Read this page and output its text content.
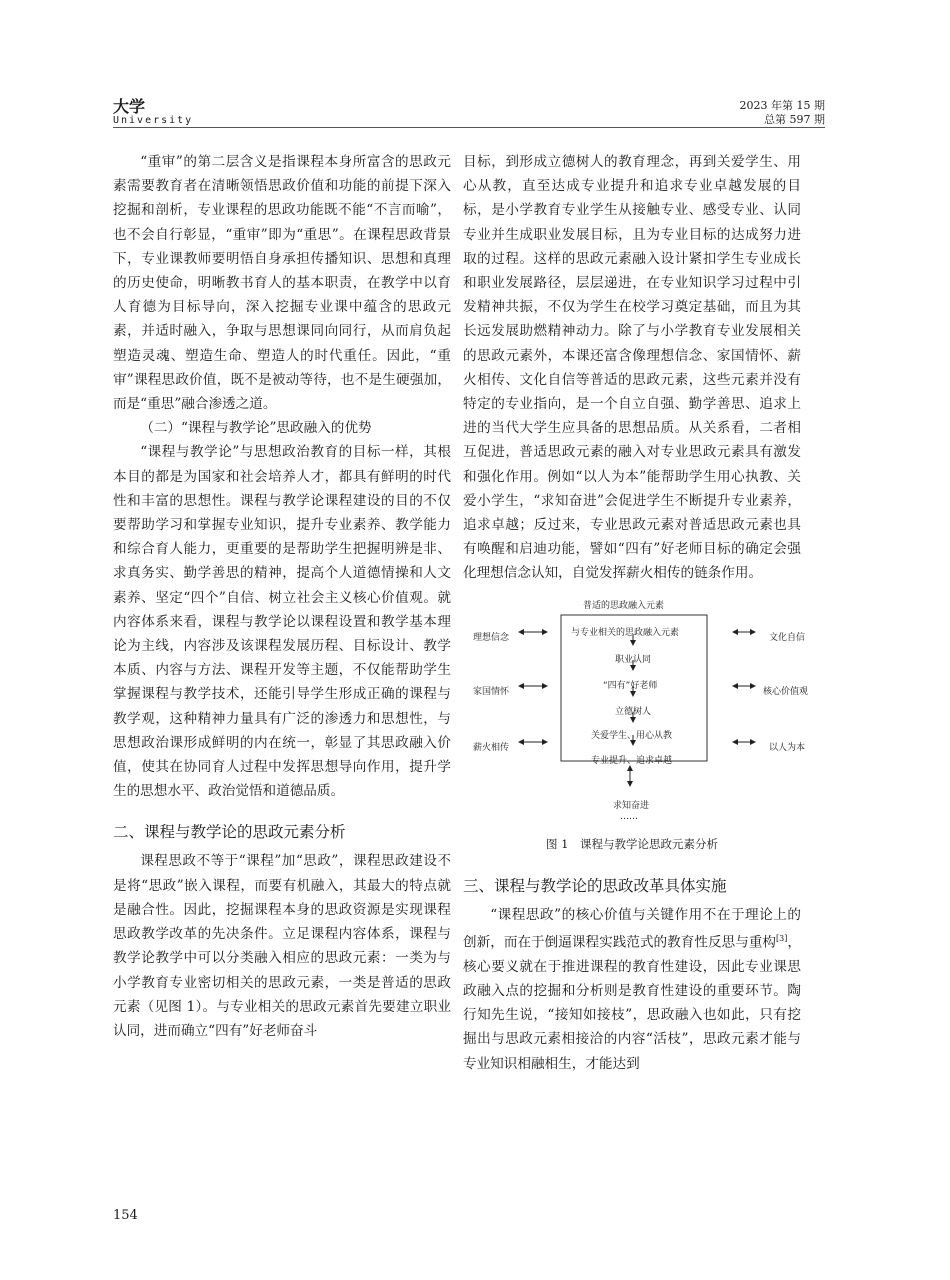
大学
University
2023 年第 15 期
总第 597 期

“重审”的第二层含义是指课程本身所富含的思政元素需要教育者在清晰领悟思政价值和功能的前提下深入挖掘和剖析，专业课程的思政功能既不能“不言而喻”，也不会自行彰显，“重审”即为“重思”。在课程思政背景下，专业课教师要明悟自身承担传播知识、思想和真理的历史使命，明晰教书育人的基本职责，在教学中以育人育德为目标导向，深入挖掘专业课中蕴含的思政元素，并适时融入，争取与思想课同向同行，从而肩负起塑造灵魂、塑造生命、塑造人的时代重任。因此，“重审”课程思政价值，既不是被动等待，也不是生硬强加，而是“重思”融合渗透之道。

（二）“课程与教学论”思政融入的优势

“课程与教学论”与思想政治教育的目标一样，其根本目的都是为国家和社会培养人才，都具有鲜明的时代性和丰富的思想性。课程与教学论课程建设的目的不仅要帮助学习和掌握专业知识，提升专业素养、教学能力和综合育人能力，更重要的是帮助学生把握明辨是非、求真务实、勤学善思的精神，提高个人道德情操和人文素养、坚定“四个”自信、树立社会主义核心价值观。就内容体系来看，课程与教学论以课程设置和教学基本理论为主线，内容涉及该课程发展历程、目标设计、教学本质、内容与方法、课程开发等主题，不仅能帮助学生掌握课程与教学技术，还能引导学生形成正确的课程与教学观，这种精神力量具有广泛的渗透力和思想性，与思想政治课形成鲜明的内在统一，彰显了其思政融入价值，使其在协同育人过程中发挥思想导向作用，提升学生的思想水平、政治觉悟和道德品质。

二、课程与教学论的思政元素分析

课程思政不等于“课程”加“思政”，课程思政建设不是将“思政”嵌入课程，而要有机融入，其最大的特点就是融合性。因此，挖掘课程本身的思政资源是实现课程思政教学改革的先决条件。立足课程内容体系，课程与教学论教学中可以分类融入相应的思政元素：一类为与小学教育专业密切相关的思政元素，一类是普适的思政元素（见图 1）。与专业相关的思政元素首先要建立职业认同，进而确立“四有”好老师奋斗

目标，到形成立德树人的教育理念，再到关爱学生、用心从教，直至达成专业提升和追求专业卓越发展的目标，是小学教育专业学生从接触专业、感受专业、认同专业并生成职业发展目标，且为专业目标的达成努力进取的过程。这样的思政元素融入设计紧扣学生专业成长和职业发展路径，层层递进，在专业知识学习过程中引发精神共振，不仅为学生在校学习奠定基础，而且为其长远发展助燃精神动力。除了与小学教育专业发展相关的思政元素外，本课还富含像理想信念、家国情怀、薪火相传、文化自信等普适的思政元素，这些元素并没有特定的专业指向，是一个自立自强、勤学善思、追求上进的当代大学生应具备的思想品质。从关系看，二者相互促进，普适思政元素的融入对专业思政元素具有激发和强化作用。例如“以人为本”能帮助学生用心执教、关爱小学生，“求知奋进”会促进学生不断提升专业素养，追求卓越；反过来，专业思政元素对普适思政元素也具有唤醒和启迪功能，譬如“四有”好老师目标的确定会强化理想信念认知，自觉发挥薪火相传的链条作用。

普适的思政融入元素
与专业相关的思政融入元素
职业认同
“四有”好老师
立德树人
关爱学生、用心从教
专业提升、追求卓越
理想信念
家国情怀
薪火相传
文化自信
核心价值观
以人为本
求知奋进
……
图 1　课程与教学论思政元素分析
三、课程与教学论的思政改革具体实施

“课程思政”的核心价值与关键作用不在于理论上的创新，而在于倒逼课程实践范式的教育性反思与重构[3]，核心要义就在于推进课程的教育性建设，因此专业课思政融入点的挖掘和分析则是教育性建设的重要环节。陶行知先生说，“接知如接枝”，思政融入也如此，只有挖掘出与思政元素相接洽的内容“活枝”，思政元素才能与专业知识相融相生，才能达到

154
